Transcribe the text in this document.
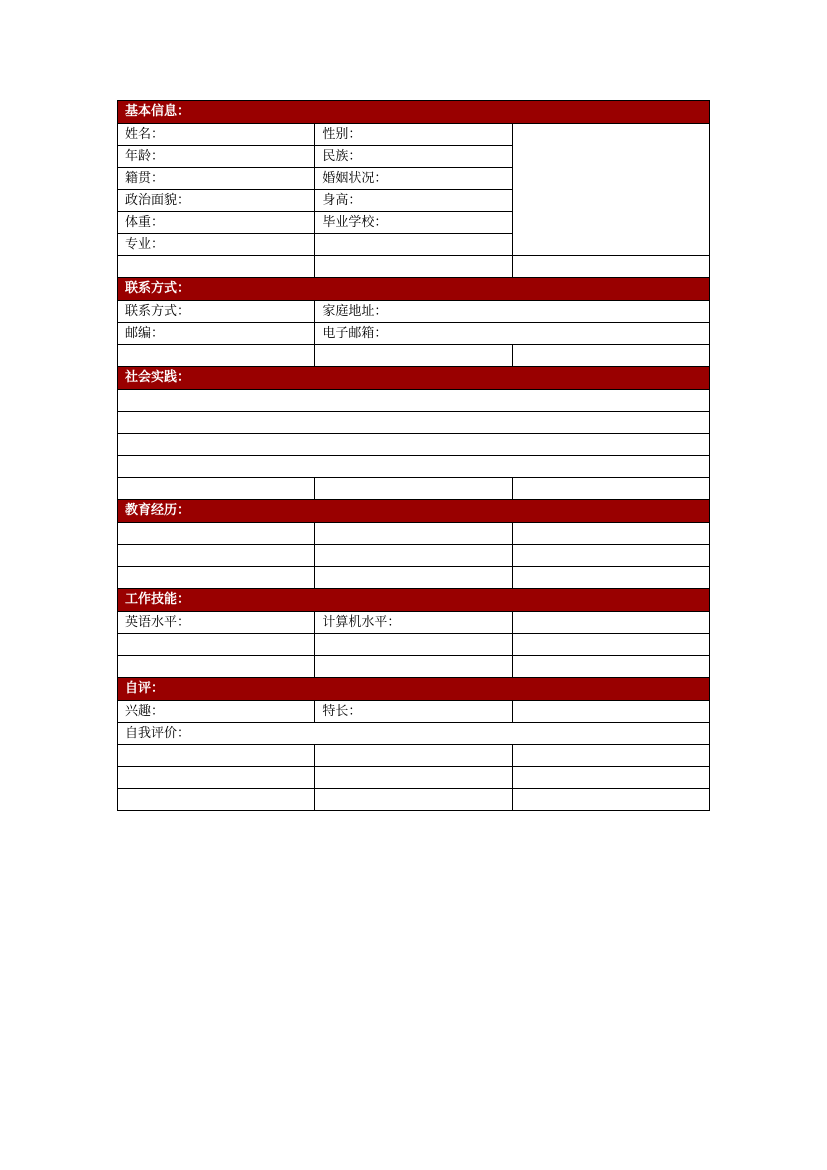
基本信息：		
姓名：	性别：	
年龄：	民族：	
籍贯：	婚姻状况：	
政治面貌：	身高：	
体重：	毕业学校：	
专业：		

联系方式：		
联系方式：	家庭地址：	
邮编：	电子邮箱：	

社会实践：		

教育经历：		

工作技能：		
英语水平：	计算机水平：	

自评：		
兴趣：	特长：	
自我评价：		
